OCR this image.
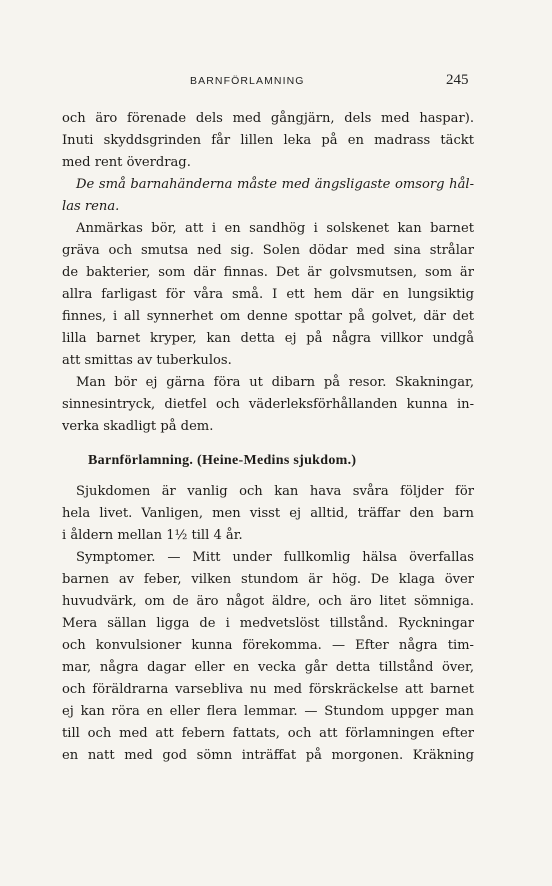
BARNFÖRLAMNING	245
och äro förenade dels med gångjärn, dels med haspar).
Inuti skyddsgrinden får lillen leka på en madrass täckt
med rent överdrag.
De små barnahänderna måste med ängsligaste omsorg hål-
las rena.
Anmärkas bör, att i en sandhög i solskenet kan barnet
gräva och smutsa ned sig. Solen dödar med sina strålar
de bakterier, som där finnas. Det är golvsmutsen, som är
allra farligast för våra små. I ett hem där en lungsiktig
finnes, i all synnerhet om denne spottar på golvet, där det
lilla barnet kryper, kan detta ej på några villkor undgå
att smittas av tuberkulos.
Man bör ej gärna föra ut dibarn på resor. Skakningar,
sinnesintryck, dietfel och väderleksförhållanden kunna in-
verka skadligt på dem.
Barnförlamning. (Heine-Medins sjukdom.)
Sjukdomen är vanlig och kan hava svåra följder för
hela livet. Vanligen, men visst ej alltid, träffar den barn
i åldern mellan 1½ till 4 år.
Symptomer. — Mitt under fullkomlig hälsa överfallas
barnen av feber, vilken stundom är hög. De klaga över
huvudvärk, om de äro något äldre, och äro litet sömniga.
Mera sällan ligga de i medvetslöst tillstånd. Ryckningar
och konvulsioner kunna förekomma. — Efter några tim-
mar, några dagar eller en vecka går detta tillstånd över,
och föräldrarna varsebliva nu med förskräckelse att barnet
ej kan röra en eller flera lemmar. — Stundom uppger man
till och med att febern fattats, och att förlamningen efter
en natt med god sömn inträffat på morgonen. Kräkning
